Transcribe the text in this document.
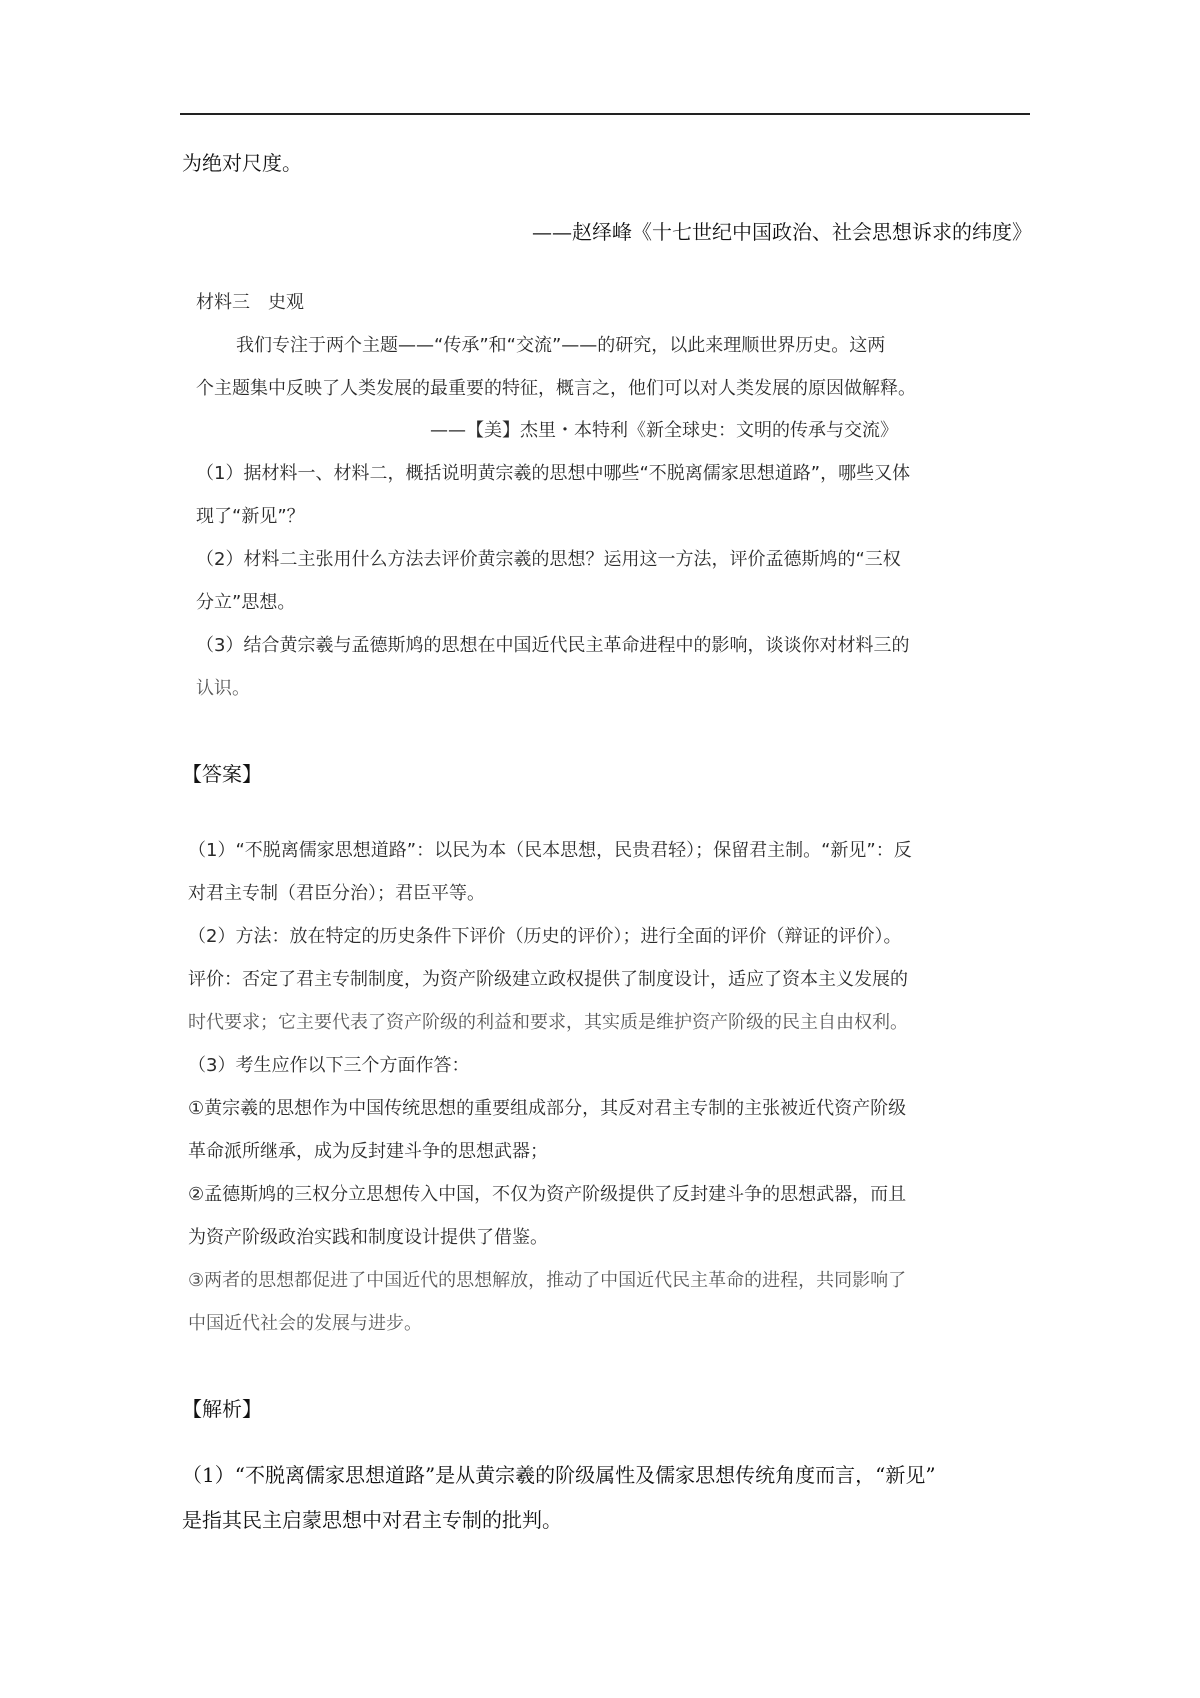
为绝对尺度。
——赵绎峰《十七世纪中国政治、社会思想诉求的纬度》
材料三　史观
我们专注于两个主题——“传承”和“交流”——的研究，以此来理顺世界历史。这两
个主题集中反映了人类发展的最重要的特征，概言之，他们可以对人类发展的原因做解释。
——【美】杰里・本特利《新全球史：文明的传承与交流》
（1）据材料一、材料二，概括说明黄宗羲的思想中哪些“不脱离儒家思想道路”，哪些又体
现了“新见”？
（2）材料二主张用什么方法去评价黄宗羲的思想？运用这一方法，评价孟德斯鸠的“三权
分立”思想。
（3）结合黄宗羲与孟德斯鸠的思想在中国近代民主革命进程中的影响，谈谈你对材料三的
认识。
【答案】
（1）“不脱离儒家思想道路”：以民为本（民本思想，民贵君轻）；保留君主制。“新见”：反
对君主专制（君臣分治）；君臣平等。
（2）方法：放在特定的历史条件下评价（历史的评价）；进行全面的评价（辩证的评价）。
评价：否定了君主专制制度，为资产阶级建立政权提供了制度设计，适应了资本主义发展的
时代要求；它主要代表了资产阶级的利益和要求，其实质是维护资产阶级的民主自由权利。
（3）考生应作以下三个方面作答：
①黄宗羲的思想作为中国传统思想的重要组成部分，其反对君主专制的主张被近代资产阶级
革命派所继承，成为反封建斗争的思想武器；
②孟德斯鸠的三权分立思想传入中国，不仅为资产阶级提供了反封建斗争的思想武器，而且
为资产阶级政治实践和制度设计提供了借鉴。
③两者的思想都促进了中国近代的思想解放，推动了中国近代民主革命的进程，共同影响了
中国近代社会的发展与进步。
【解析】
（1）“不脱离儒家思想道路”是从黄宗羲的阶级属性及儒家思想传统角度而言，“新见”
是指其民主启蒙思想中对君主专制的批判。
